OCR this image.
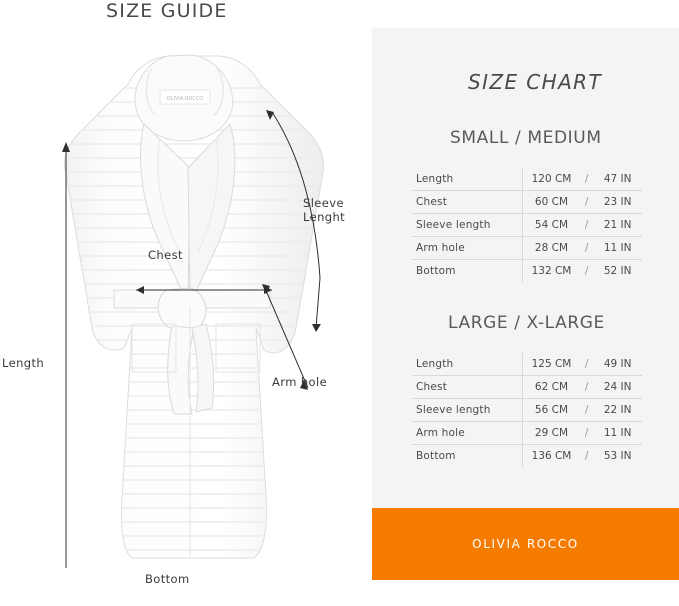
SIZE GUIDE
OLIVIA ROCCO
Sleeve
Lenght
Chest
Arm hole
Length
Bottom
SIZE CHART
SMALL / MEDIUM
Length	120 CM	/	47 IN
Chest	60 CM	/	23 IN
Sleeve length	54 CM	/	21 IN
Arm hole	28 CM	/	11 IN
Bottom	132 CM	/	52 IN
LARGE / X-LARGE
Length	125 CM	/	49 IN
Chest	62 CM	/	24 IN
Sleeve length	56 CM	/	22 IN
Arm hole	29 CM	/	11 IN
Bottom	136 CM	/	53 IN
OLIVIA ROCCO
